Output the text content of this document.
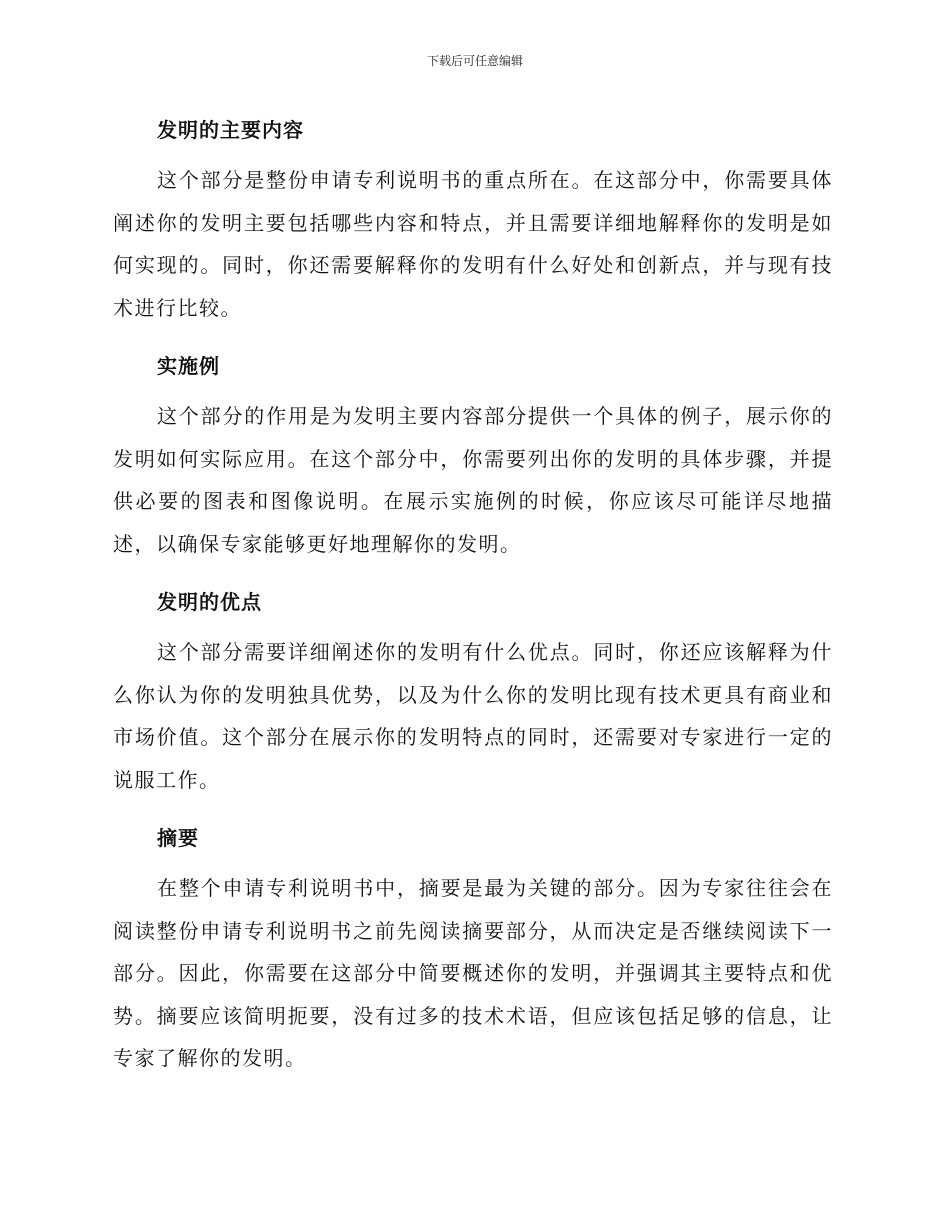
下载后可任意编辑

发明的主要内容

这个部分是整份申请专利说明书的重点所在。在这部分中，你需要具体阐述你的发明主要包括哪些内容和特点，并且需要详细地解释你的发明是如何实现的。同时，你还需要解释你的发明有什么好处和创新点，并与现有技术进行比较。

实施例

这个部分的作用是为发明主要内容部分提供一个具体的例子，展示你的发明如何实际应用。在这个部分中，你需要列出你的发明的具体步骤，并提供必要的图表和图像说明。在展示实施例的时候，你应该尽可能详尽地描述，以确保专家能够更好地理解你的发明。

发明的优点

这个部分需要详细阐述你的发明有什么优点。同时，你还应该解释为什么你认为你的发明独具优势，以及为什么你的发明比现有技术更具有商业和市场价值。这个部分在展示你的发明特点的同时，还需要对专家进行一定的说服工作。

摘要

在整个申请专利说明书中，摘要是最为关键的部分。因为专家往往会在阅读整份申请专利说明书之前先阅读摘要部分，从而决定是否继续阅读下一部分。因此，你需要在这部分中简要概述你的发明，并强调其主要特点和优势。摘要应该简明扼要，没有过多的技术术语，但应该包括足够的信息，让专家了解你的发明。
